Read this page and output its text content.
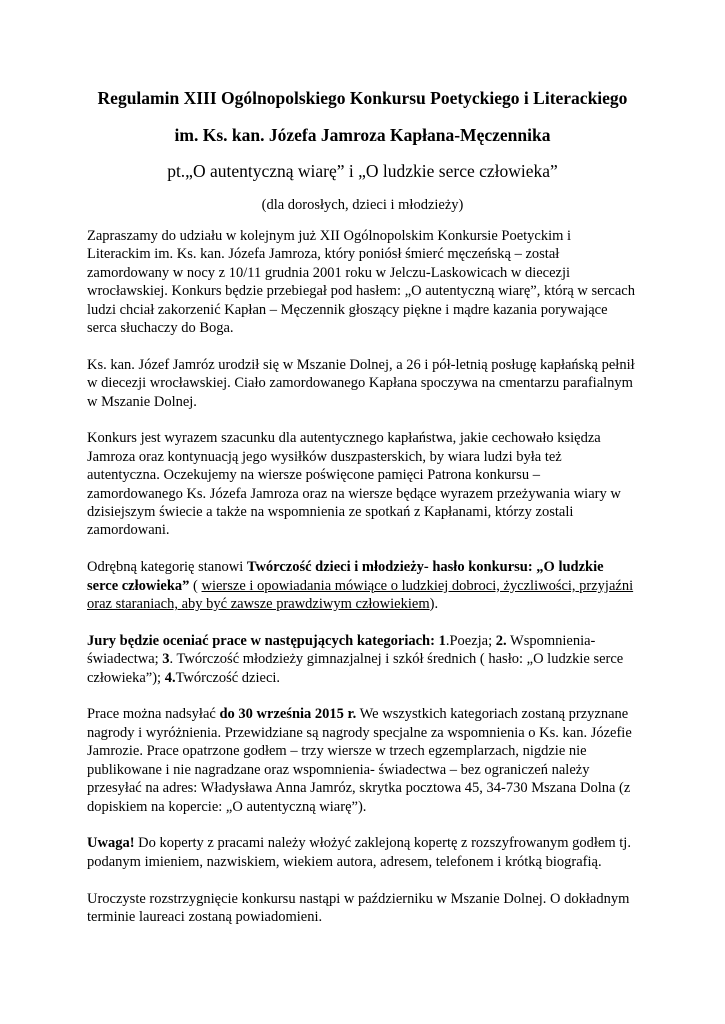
Regulamin XIII Ogólnopolskiego Konkursu Poetyckiego i Literackiego
im. Ks. kan. Józefa Jamroza Kapłana-Męczennika
pt.„O autentyczną wiarę” i „O ludzkie serce człowieka”
(dla dorosłych, dzieci i młodzieży)

Zapraszamy do udziału w kolejnym już XII Ogólnopolskim Konkursie Poetyckim i Literackim im. Ks. kan. Józefa Jamroza, który poniósł śmierć męczeńską – został zamordowany w nocy z 10/11 grudnia 2001 roku w Jelczu-Laskowicach w diecezji wrocławskiej. Konkurs będzie przebiegał pod hasłem: „O autentyczną wiarę”, którą w sercach ludzi chciał zakorzenić Kapłan – Męczennik głoszący piękne i mądre kazania porywające serca słuchaczy do Boga.

Ks. kan. Józef Jamróz urodził się w Mszanie Dolnej, a 26 i pół-letnią posługę kapłańską pełnił w diecezji wrocławskiej. Ciało zamordowanego Kapłana spoczywa na cmentarzu parafialnym w Mszanie Dolnej.

Konkurs jest wyrazem szacunku dla autentycznego kapłaństwa, jakie cechowało księdza Jamroza oraz kontynuacją jego wysiłków duszpasterskich, by wiara ludzi była też autentyczna. Oczekujemy na wiersze poświęcone pamięci Patrona konkursu – zamordowanego Ks. Józefa Jamroza oraz na wiersze będące wyrazem przeżywania wiary w dzisiejszym świecie a także na wspomnienia ze spotkań z Kapłanami, którzy zostali zamordowani.

Odrębną kategorię stanowi Twórczość dzieci i młodzieży- hasło konkursu: „O ludzkie serce człowieka” ( wiersze i opowiadania mówiące o ludzkiej dobroci, życzliwości, przyjaźni oraz staraniach, aby być zawsze prawdziwym człowiekiem).

Jury będzie oceniać prace w następujących kategoriach: 1.Poezja; 2. Wspomnienia- świadectwa; 3. Twórczość młodzieży gimnazjalnej i szkół średnich ( hasło: „O ludzkie serce człowieka”); 4.Twórczość dzieci.

Prace można nadsyłać do 30 września 2015 r. We wszystkich kategoriach zostaną przyznane nagrody i wyróżnienia. Przewidziane są nagrody specjalne za wspomnienia o Ks. kan. Józefie Jamrozie. Prace opatrzone godłem – trzy wiersze w trzech egzemplarzach, nigdzie nie publikowane i nie nagradzane oraz wspomnienia- świadectwa – bez ograniczeń należy przesyłać na adres: Władysława Anna Jamróz, skrytka pocztowa 45, 34-730 Mszana Dolna (z dopiskiem na kopercie: „O autentyczną wiarę”).

Uwaga! Do koperty z pracami należy włożyć zaklejoną kopertę z rozszyfrowanym godłem tj. podanym imieniem, nazwiskiem, wiekiem autora, adresem, telefonem i krótką biografią.

Uroczyste rozstrzygnięcie konkursu nastąpi w październiku w Mszanie Dolnej. O dokładnym terminie laureaci zostaną powiadomieni.
